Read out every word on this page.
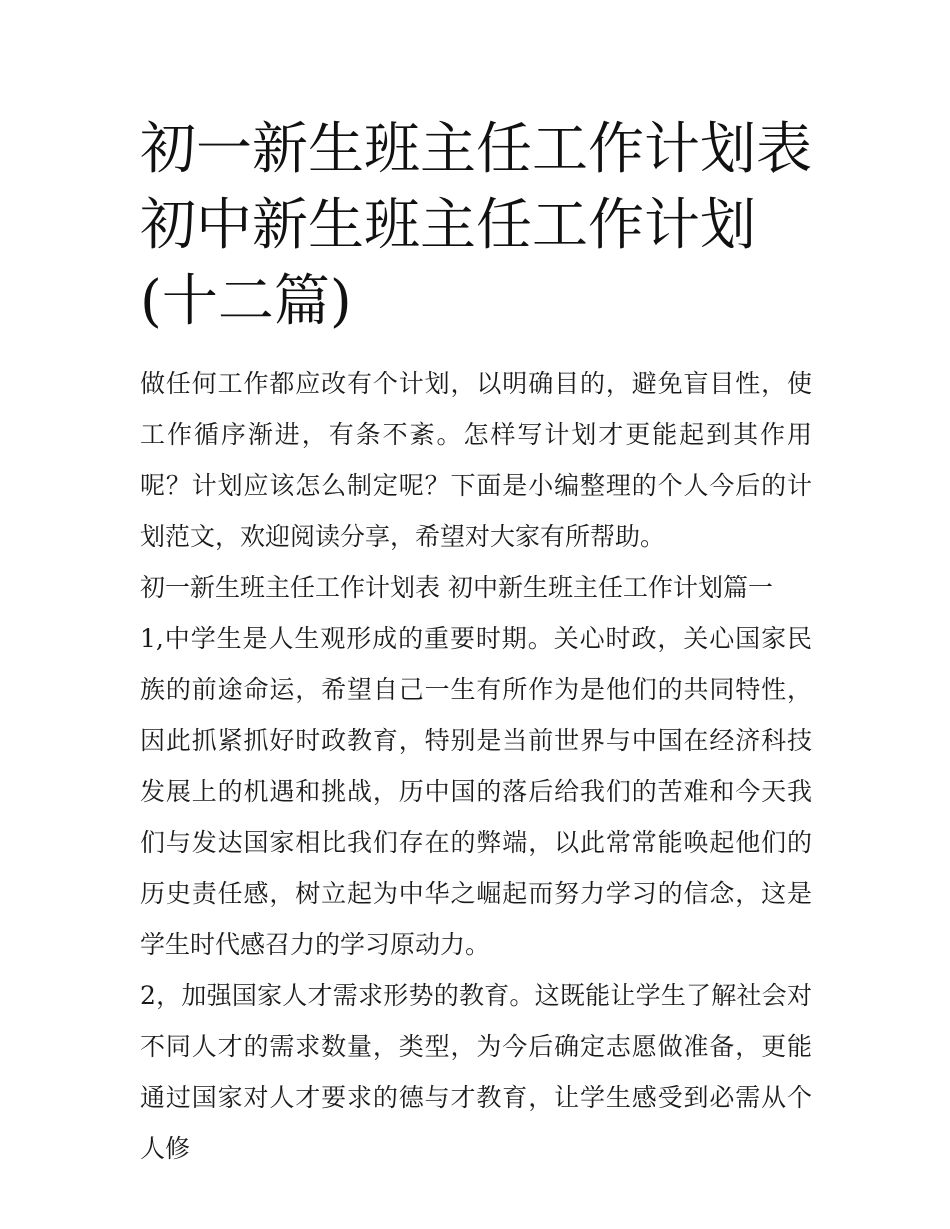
初一新生班主任工作计划表 初中新生班主任工作计划(十二篇)

做任何工作都应改有个计划，以明确目的，避免盲目性，使工作循序渐进，有条不紊。怎样写计划才更能起到其作用呢？计划应该怎么制定呢？下面是小编整理的个人今后的计划范文，欢迎阅读分享，希望对大家有所帮助。

初一新生班主任工作计划表 初中新生班主任工作计划篇一

1,中学生是人生观形成的重要时期。关心时政，关心国家民族的前途命运，希望自己一生有所作为是他们的共同特性，因此抓紧抓好时政教育，特别是当前世界与中国在经济科技发展上的机遇和挑战，历中国的落后给我们的苦难和今天我们与发达国家相比我们存在的弊端，以此常常能唤起他们的历史责任感，树立起为中华之崛起而努力学习的信念，这是学生时代感召力的学习原动力。

2，加强国家人才需求形势的教育。这既能让学生了解社会对不同人才的需求数量，类型，为今后确定志愿做准备，更能通过国家对人才要求的德与才教育，让学生感受到必需从个人修
